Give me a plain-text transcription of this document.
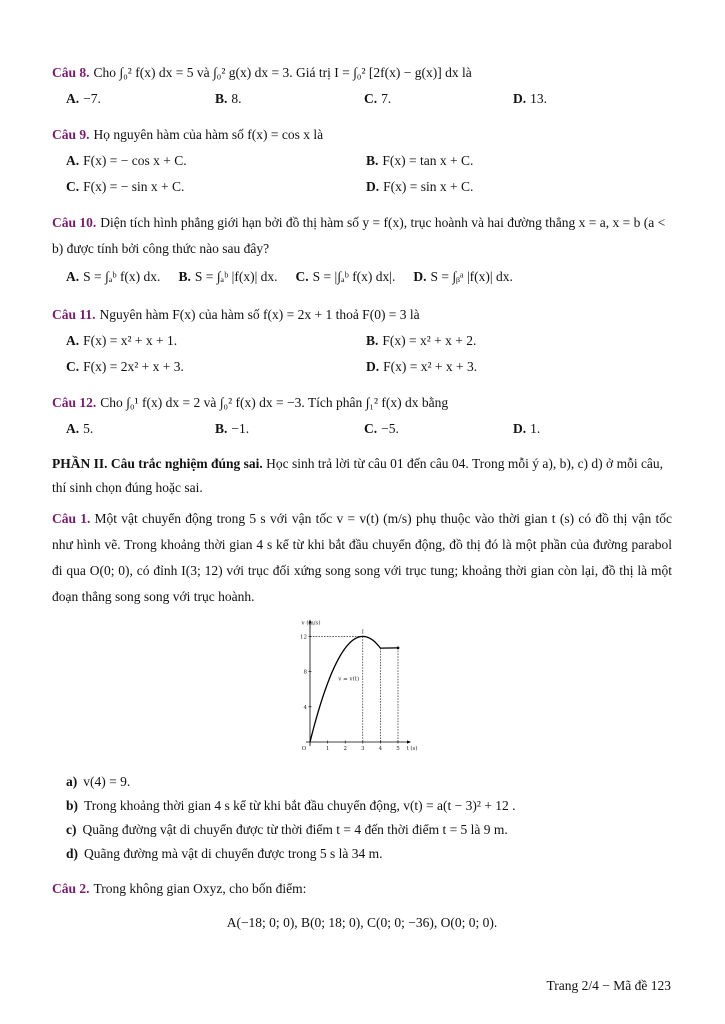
Câu 8. Cho ∫₀² f(x) dx = 5 và ∫₀² g(x) dx = 3. Giá trị I = ∫₀² [2f(x) − g(x)] dx là
A. −7.	B. 8.	C. 7.	D. 13.
Câu 9. Họ nguyên hàm của hàm số f(x) = cos x là
A. F(x) = − cos x + C.	B. F(x) = tan x + C.
C. F(x) = − sin x + C.	D. F(x) = sin x + C.
Câu 10. Diện tích hình phẳng giới hạn bởi đồ thị hàm số y = f(x), trục hoành và hai đường thẳng x = a, x = b (a < b) được tính bởi công thức nào sau đây?
A. S = ∫ₐᵇ f(x) dx. B. S = ∫ₐᵇ |f(x)| dx. C. S = |∫ₐᵇ f(x) dx|. D. S = ∫ᵦᵃ |f(x)| dx.
Câu 11. Nguyên hàm F(x) của hàm số f(x) = 2x + 1 thoả F(0) = 3 là
A. F(x) = x² + x + 1.	B. F(x) = x² + x + 2.
C. F(x) = 2x² + x + 3.	D. F(x) = x² + x + 3.
Câu 12. Cho ∫₀¹ f(x) dx = 2 và ∫₀² f(x) dx = −3. Tích phân ∫₁² f(x) dx bằng
A. 5.	B. −1.	C. −5.	D. 1.
PHẦN II. Câu trắc nghiệm đúng sai. Học sinh trả lời từ câu 01 đến câu 04. Trong mỗi ý a), b), c) d) ở mỗi câu, thí sinh chọn đúng hoặc sai.
Câu 1. Một vật chuyển động trong 5 s với vận tốc v = v(t) (m/s) phụ thuộc vào thời gian t (s) có đồ thị vận tốc như hình vẽ. Trong khoảng thời gian 4 s kể từ khi bắt đầu chuyển động, đồ thị đó là một phần của đường parabol đi qua O(0; 0), có đỉnh I(3; 12) với trục đối xứng song song với trục tung; khoảng thời gian còn lại, đồ thị là một đoạn thẳng song song với trục hoành.
1	2	3	4	5
4
8
12
v (m/s)
t (s)
O
I
v = v(t)
a) v(4) = 9.
b) Trong khoảng thời gian 4 s kể từ khi bắt đầu chuyển động, v(t) = a(t − 3)² + 12 .
c) Quãng đường vật di chuyển được từ thời điểm t = 4 đến thời điểm t = 5 là 9 m.
d) Quãng đường mà vật di chuyển được trong 5 s là 34 m.
Câu 2. Trong không gian Oxyz, cho bốn điểm:
A(−18; 0; 0), B(0; 18; 0), C(0; 0; −36), O(0; 0; 0).
Trang 2/4 − Mã đề 123
